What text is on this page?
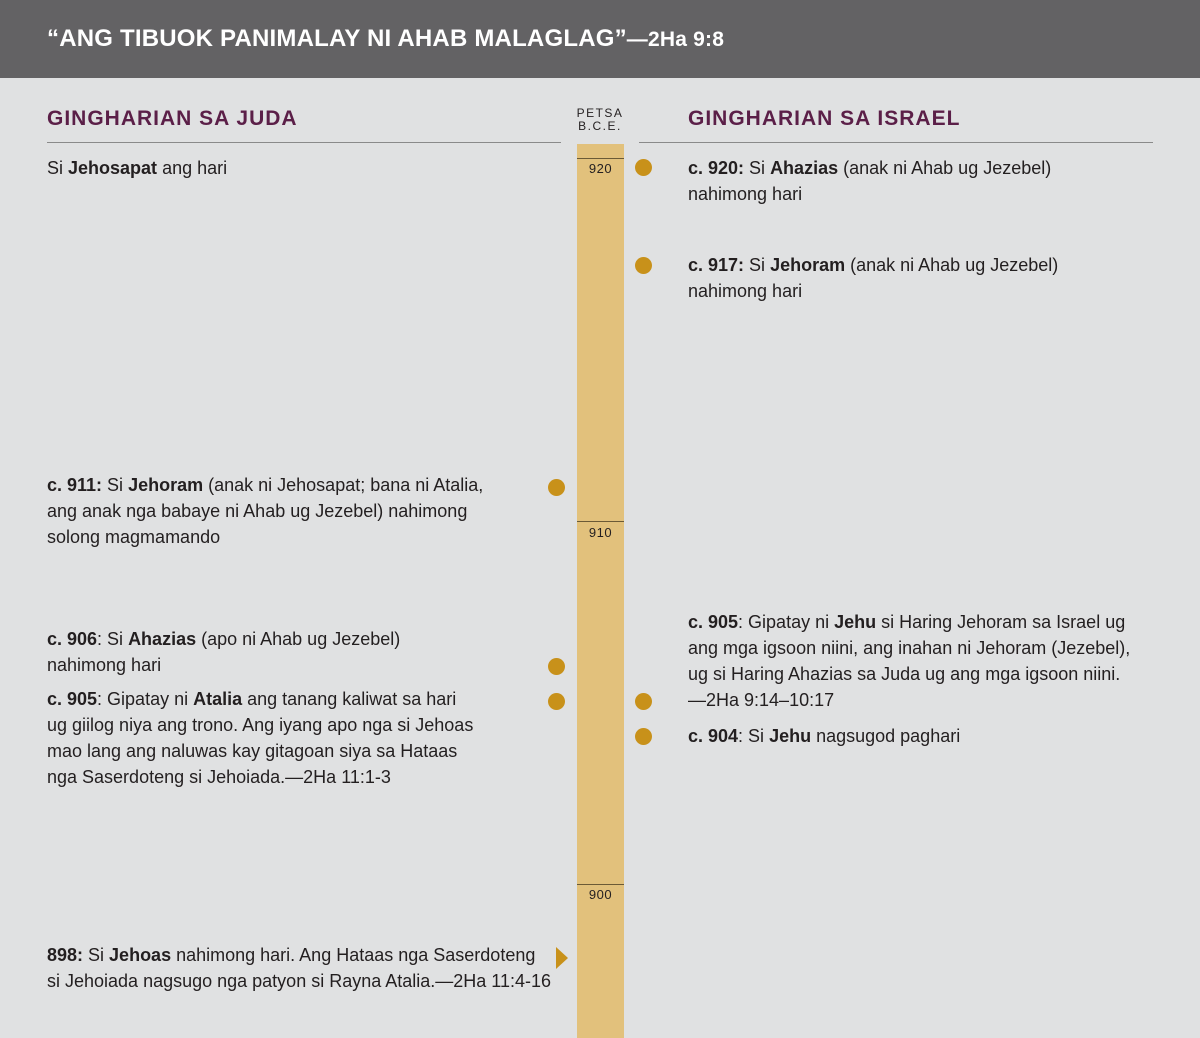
“ANG TIBUOK PANIMALAY NI AHAB MALAGLAG”—2Ha 9:8
GINGHARIAN SA JUDA	GINGHARIAN SA ISRAEL
PETSA
B.C.E.
920
910
900
Si Jehosapat ang hari
c. 911: Si Jehoram (anak ni Jehosapat; bana ni Atalia,
ang anak nga babaye ni Ahab ug Jezebel) nahimong
solong magmamando
c. 906: Si Ahazias (apo ni Ahab ug Jezebel)
nahimong hari
c. 905: Gipatay ni Atalia ang tanang kaliwat sa hari
ug giilog niya ang trono. Ang iyang apo nga si Jehoas
mao lang ang naluwas kay gitagoan siya sa Hataas
nga Saserdoteng si Jehoiada.—2Ha 11:1-3
898: Si Jehoas nahimong hari. Ang Hataas nga Saserdoteng
si Jehoiada nagsugo nga patyon si Rayna Atalia.—2Ha 11:4-16
c. 920: Si Ahazias (anak ni Ahab ug Jezebel)
nahimong hari
c. 917: Si Jehoram (anak ni Ahab ug Jezebel)
nahimong hari
c. 905: Gipatay ni Jehu si Haring Jehoram sa Israel ug
ang mga igsoon niini, ang inahan ni Jehoram (Jezebel),
ug si Haring Ahazias sa Juda ug ang mga igsoon niini.
—2Ha 9:14–10:17
c. 904: Si Jehu nagsugod paghari
